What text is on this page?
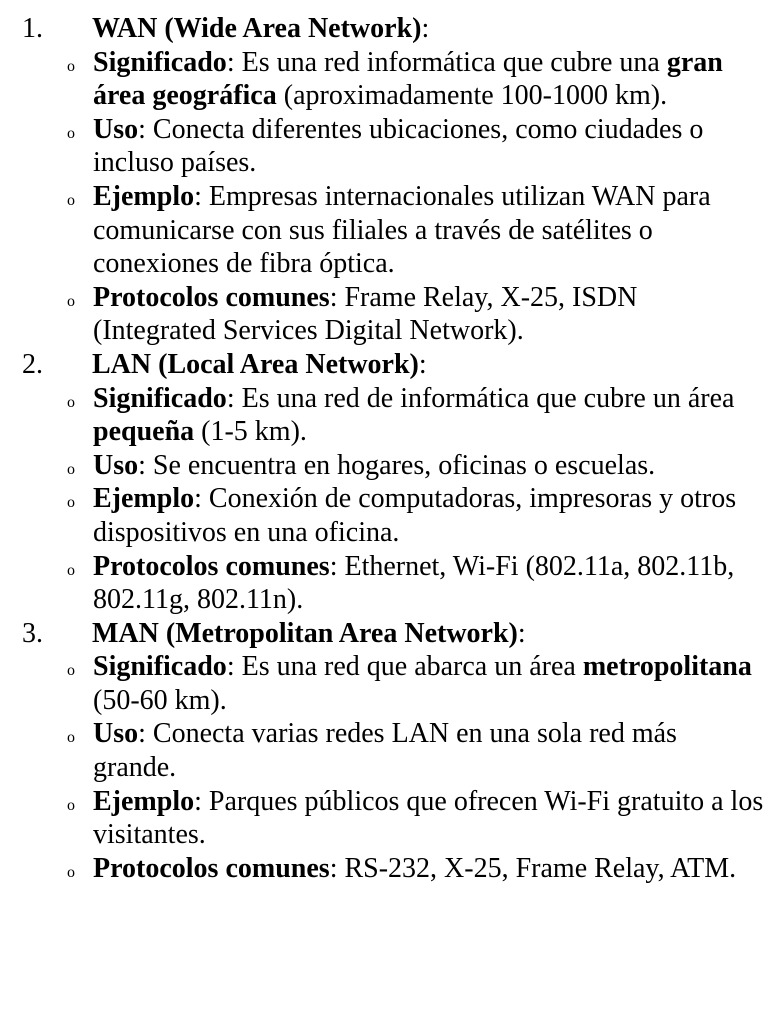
1. WAN (Wide Area Network):
o Significado: Es una red informática que cubre una gran área geográfica (aproximadamente 100-1000 km).
o Uso: Conecta diferentes ubicaciones, como ciudades o incluso países.
o Ejemplo: Empresas internacionales utilizan WAN para comunicarse con sus filiales a través de satélites o conexiones de fibra óptica.
o Protocolos comunes: Frame Relay, X-25, ISDN (Integrated Services Digital Network).
2. LAN (Local Area Network):
o Significado: Es una red de informática que cubre un área pequeña (1-5 km).
o Uso: Se encuentra en hogares, oficinas o escuelas.
o Ejemplo: Conexión de computadoras, impresoras y otros dispositivos en una oficina.
o Protocolos comunes: Ethernet, Wi-Fi (802.11a, 802.11b, 802.11g, 802.11n).
3. MAN (Metropolitan Area Network):
o Significado: Es una red que abarca un área metropolitana (50-60 km).
o Uso: Conecta varias redes LAN en una sola red más grande.
o Ejemplo: Parques públicos que ofrecen Wi-Fi gratuito a los visitantes.
o Protocolos comunes: RS-232, X-25, Frame Relay, ATM.
